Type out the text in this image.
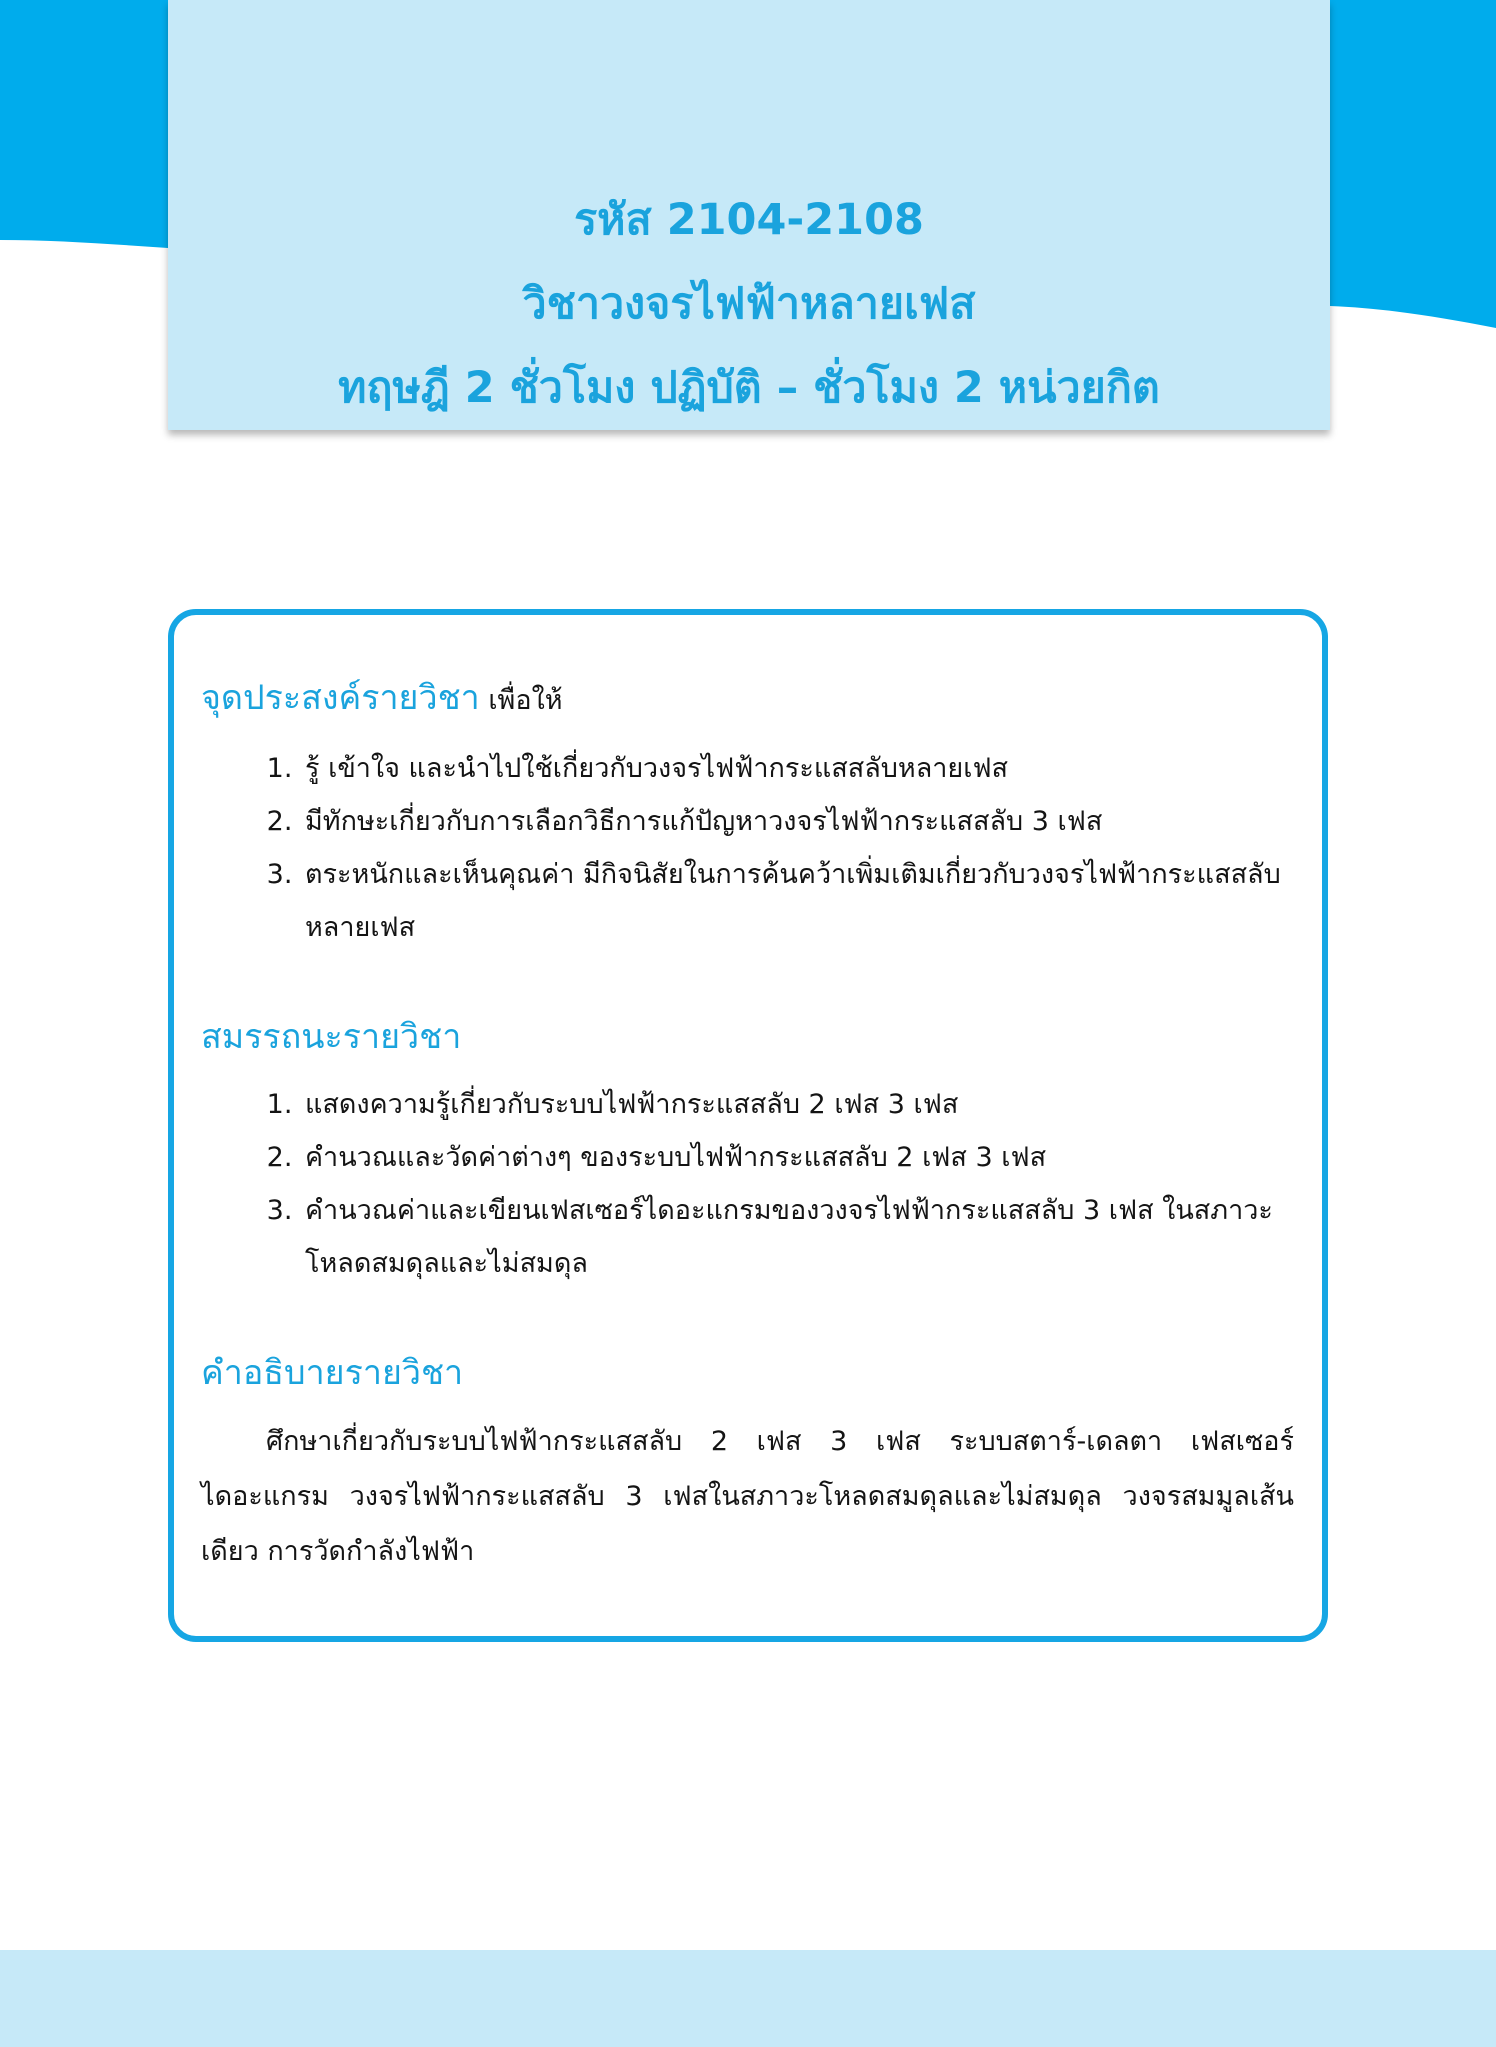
รหัส 2104-2108
วิชาวงจรไฟฟ้าหลายเฟส
ทฤษฎี 2 ชั่วโมง ปฏิบัติ – ชั่วโมง 2 หน่วยกิต
จุดประสงค์รายวิชา เพื่อให้
1. รู้ เข้าใจ และนำไปใช้เกี่ยวกับวงจรไฟฟ้ากระแสสลับหลายเฟส
2. มีทักษะเกี่ยวกับการเลือกวิธีการแก้ปัญหาวงจรไฟฟ้ากระแสสลับ 3 เฟส
3. ตระหนักและเห็นคุณค่า มีกิจนิสัยในการค้นคว้าเพิ่มเติมเกี่ยวกับวงจรไฟฟ้ากระแสสลับหลายเฟส
สมรรถนะรายวิชา
1. แสดงความรู้เกี่ยวกับระบบไฟฟ้ากระแสสลับ 2 เฟส 3 เฟส
2. คำนวณและวัดค่าต่างๆ ของระบบไฟฟ้ากระแสสลับ 2 เฟส 3 เฟส
3. คำนวณค่าและเขียนเฟสเซอร์ไดอะแกรมของวงจรไฟฟ้ากระแสสลับ 3 เฟส ในสภาวะโหลดสมดุลและไม่สมดุล
คำอธิบายรายวิชา

ศึกษาเกี่ยวกับระบบไฟฟ้ากระแสสลับ 2 เฟส 3 เฟส ระบบสตาร์-เดลตา เฟสเซอร์ไดอะแกรม วงจรไฟฟ้ากระแสสลับ 3 เฟสในสภาวะโหลดสมดุลและไม่สมดุล วงจรสมมูลเส้นเดียว การวัดกำลังไฟฟ้า
